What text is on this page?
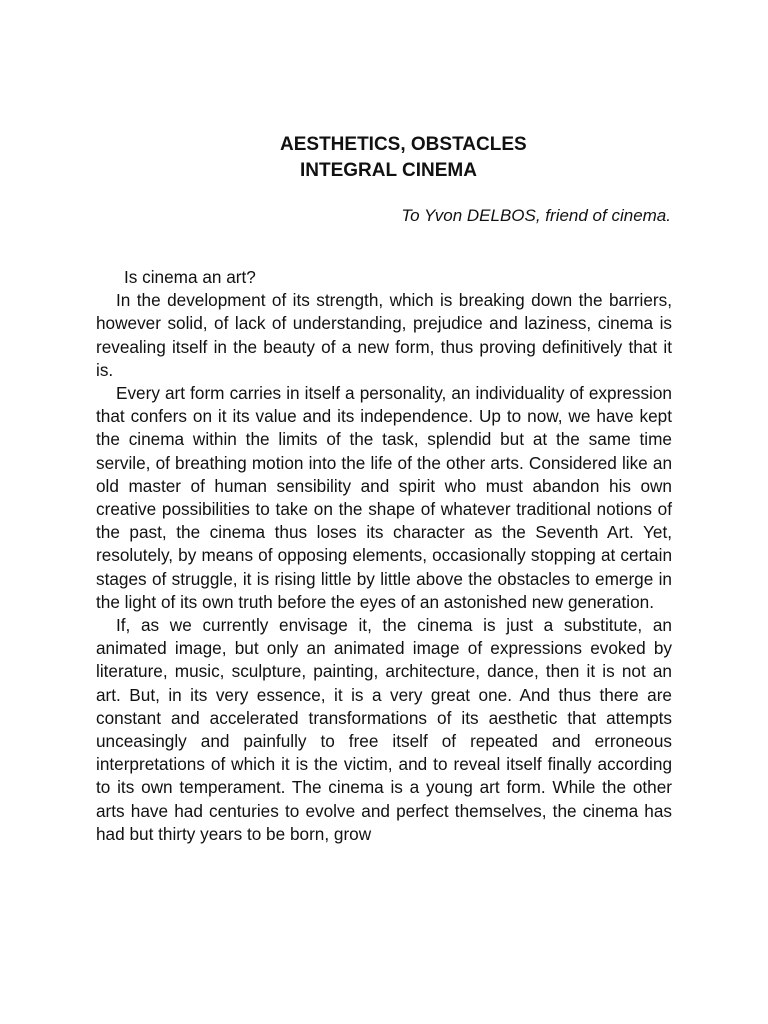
AESTHETICS, OBSTACLES
INTEGRAL CINEMA
To Yvon DELBOS, friend of cinema.

Is cinema an art?

In the development of its strength, which is breaking down the barriers, however solid, of lack of understanding, prejudice and laziness, cinema is revealing itself in the beauty of a new form, thus proving definitively that it is.

Every art form carries in itself a personality, an individuality of expression that confers on it its value and its independence. Up to now, we have kept the cinema within the limits of the task, splendid but at the same time servile, of breathing motion into the life of the other arts. Considered like an old master of human sensibility and spirit who must abandon his own creative possibilities to take on the shape of whatever traditional notions of the past, the cinema thus loses its character as the Seventh Art. Yet, resolutely, by means of opposing elements, occasionally stopping at certain stages of struggle, it is rising little by little above the obstacles to emerge in the light of its own truth before the eyes of an astonished new generation.

If, as we currently envisage it, the cinema is just a substitute, an animated image, but only an animated image of expressions evoked by literature, music, sculpture, painting, architecture, dance, then it is not an art. But, in its very essence, it is a very great one. And thus there are constant and accelerated transformations of its aesthetic that attempts unceasingly and painfully to free itself of repeated and erroneous interpretations of which it is the victim, and to reveal itself finally according to its own temperament. The cinema is a young art form. While the other arts have had centuries to evolve and perfect themselves, the cinema has had but thirty years to be born, grow
